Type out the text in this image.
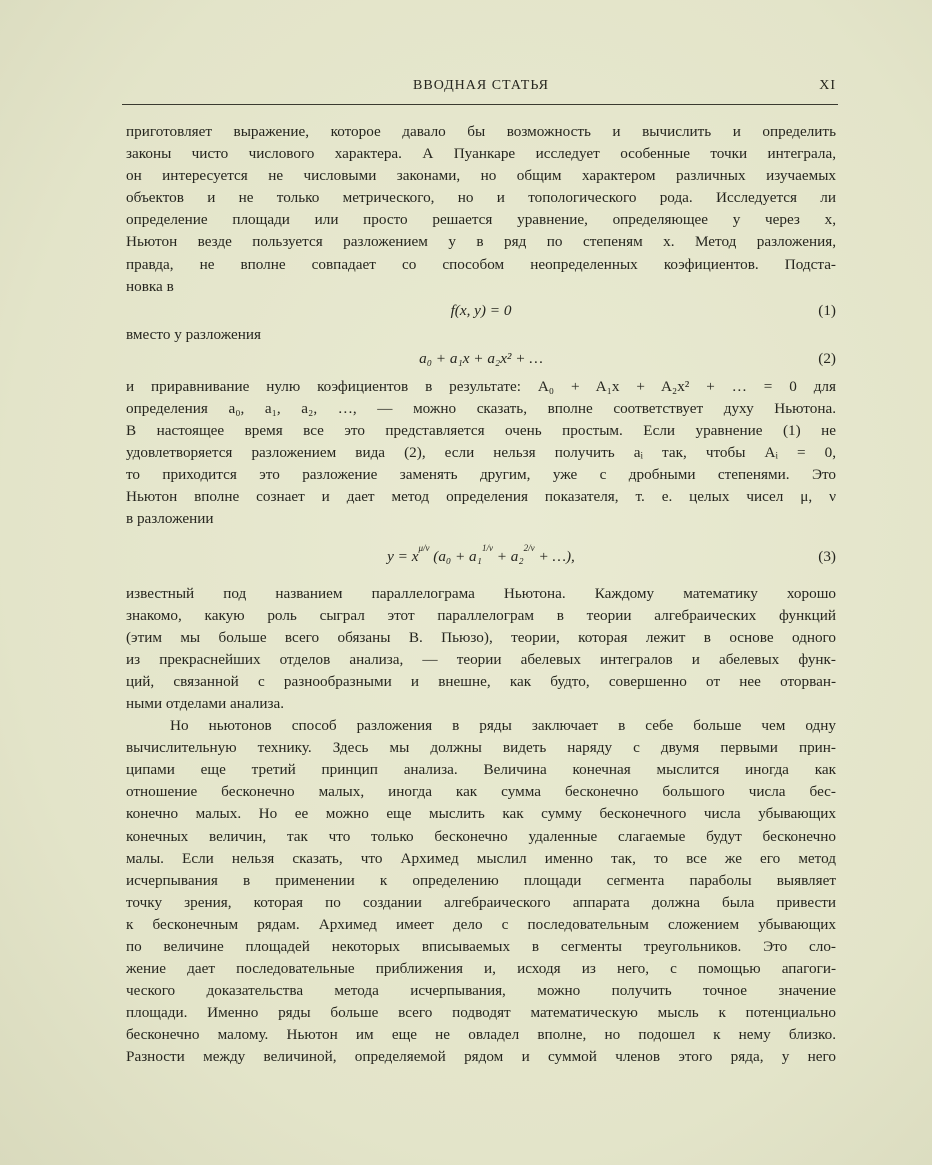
ВВОДНАЯ СТАТЬЯ	XI
приготовляет выражение, которое давало бы возможность и вычислить и определить
законы чисто числового характера. А Пуанкаре исследует особенные точки интеграла,
он интересуется не числовыми законами, но общим характером различных изучаемых
объектов и не только метрического, но и топологического рода. Исследуется ли
определение площади или просто решается уравнение, определяющее y через x,
Ньютон везде пользуется разложением y в ряд по степеням x. Метод разложения,
правда, не вполне совпадает со способом неопределенных коэфициентов. Подста-
новка в
f(x, y) = 0	(1)
вместо y разложения
a₀ + a₁x + a₂x² + …	(2)
и приравнивание нулю коэфициентов в результате: A₀ + A₁x + A₂x² + … = 0 для
определения a₀, a₁, a₂, …, — можно сказать, вполне соответствует духу Ньютона.
В настоящее время все это представляется очень простым. Если уравнение (1) не
удовлетворяется разложением вида (2), если нельзя получить aᵢ так, чтобы Aᵢ = 0,
то приходится это разложение заменять другим, уже с дробными степенями. Это
Ньютон вполне сознает и дает метод определения показателя, т. е. целых чисел μ, ν
в разложении
y = xμ/ν (a₀ + a₁1/ν + a₂2/ν + …),	(3)
известный под названием параллелограма Ньютона. Каждому математику хорошо
знакомо, какую роль сыграл этот параллелограм в теории алгебраических функций
(этим мы больше всего обязаны В. Пьюзо), теории, которая лежит в основе одного
из прекраснейших отделов анализа, — теории абелевых интегралов и абелевых функ-
ций, связанной с разнообразными и внешне, как будто, совершенно от нее оторван-
ными отделами анализа.
Но ньютонов способ разложения в ряды заключает в себе больше чем одну
вычислительную технику. Здесь мы должны видеть наряду с двумя первыми прин-
ципами еще третий принцип анализа. Величина конечная мыслится иногда как
отношение бесконечно малых, иногда как сумма бесконечно большого числа бес-
конечно малых. Но ее можно еще мыслить как сумму бесконечного числа убывающих
конечных величин, так что только бесконечно удаленные слагаемые будут бесконечно
малы. Если нельзя сказать, что Архимед мыслил именно так, то все же его метод
исчерпывания в применении к определению площади сегмента параболы выявляет
точку зрения, которая по создании алгебраического аппарата должна была привести
к бесконечным рядам. Архимед имеет дело с последовательным сложением убывающих
по величине площадей некоторых вписываемых в сегменты треугольников. Это сло-
жение дает последовательные приближения и, исходя из него, с помощью апагоги-
ческого доказательства метода исчерпывания, можно получить точное значение
площади. Именно ряды больше всего подводят математическую мысль к потенциально
бесконечно малому. Ньютон им еще не овладел вполне, но подошел к нему близко.
Разности между величиной, определяемой рядом и суммой членов этого ряда, у него
